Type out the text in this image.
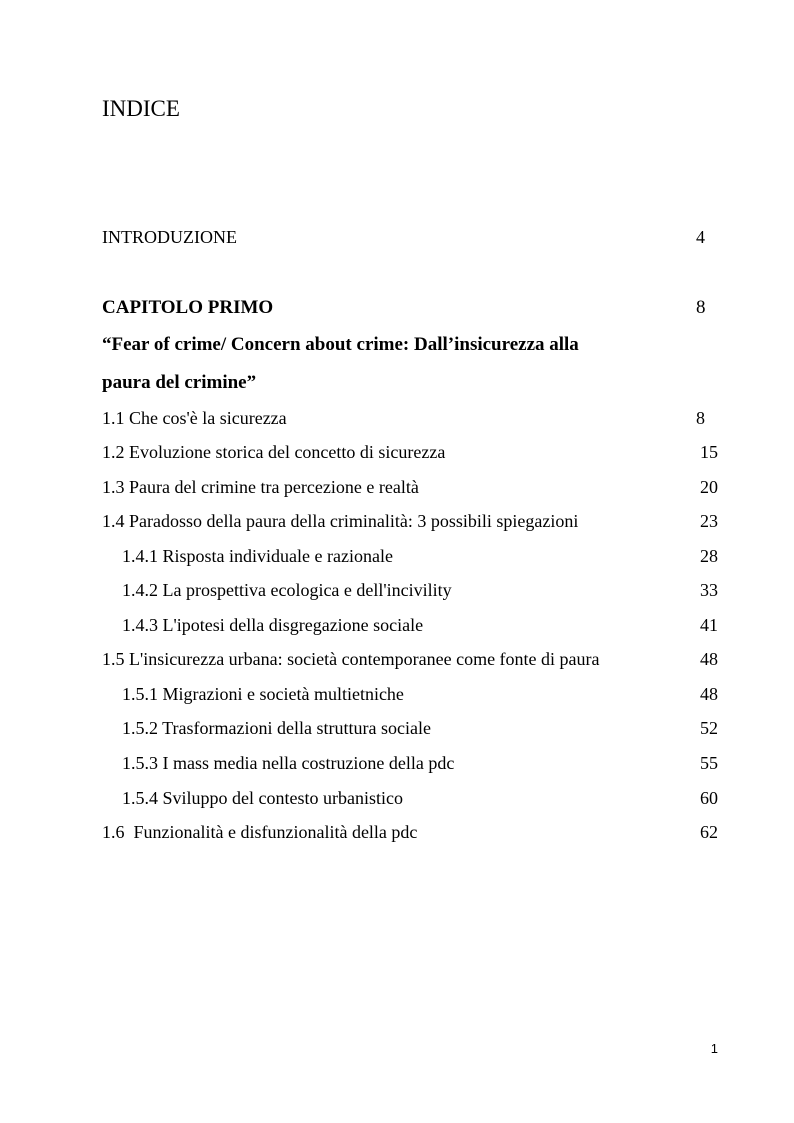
INDICE
INTRODUZIONE	4
CAPITOLO PRIMO	8
“Fear of crime/ Concern about crime: Dall’insicurezza alla
paura del crimine”
1.1 Che cos'è la sicurezza	8
1.2 Evoluzione storica del concetto di sicurezza	15
1.3 Paura del crimine tra percezione e realtà	20
1.4 Paradosso della paura della criminalità: 3 possibili spiegazioni	23
1.4.1 Risposta individuale e razionale	28
1.4.2 La prospettiva ecologica e dell'incivility	33
1.4.3 L'ipotesi della disgregazione sociale	41
1.5 L'insicurezza urbana: società contemporanee come fonte di paura	48
1.5.1 Migrazioni e società multietniche	48
1.5.2 Trasformazioni della struttura sociale	52
1.5.3 I mass media nella costruzione della pdc	55
1.5.4 Sviluppo del contesto urbanistico	60
1.6  Funzionalità e disfunzionalità della pdc	62
1
